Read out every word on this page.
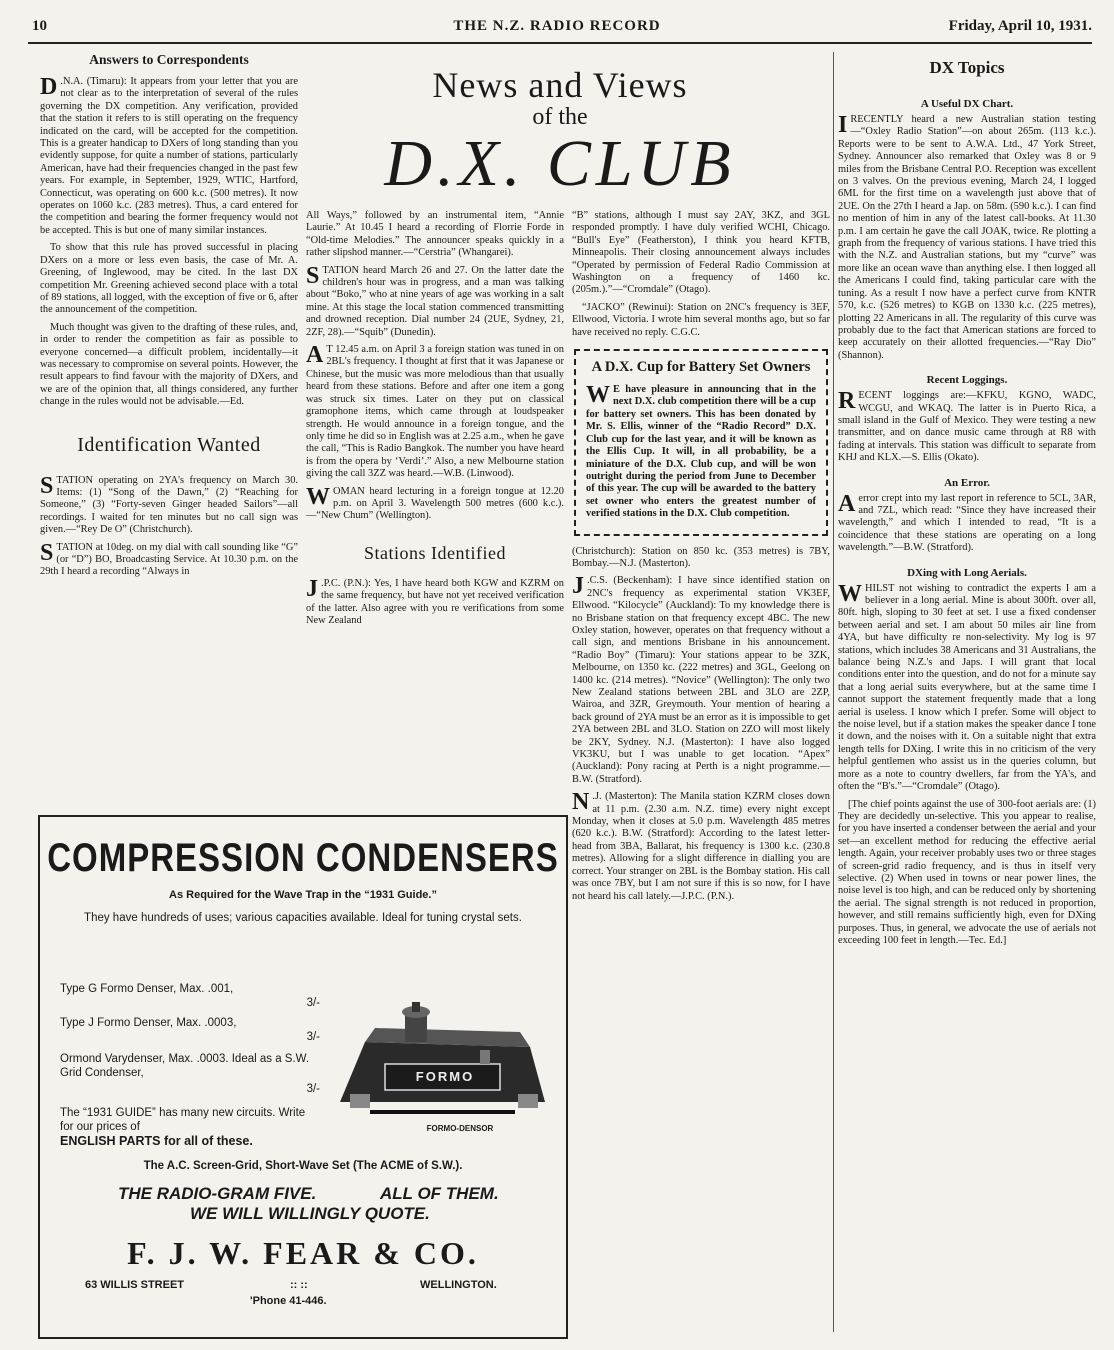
10	THE N.Z. RADIO RECORD	Friday, April 10, 1931.
Answers to Correspondents

D .N.A. (Timaru): It appears from your letter that you are not clear as to the interpretation of several of the rules governing the DX competition. Any verification, provided that the station it refers to is still operating on the frequency indicated on the card, will be accepted for the competition. This is a greater handicap to DXers of long standing than you evidently suppose, for quite a number of stations, particularly American, have had their frequencies changed in the past few years. For example, in September, 1929, WTIC, Hartford, Connecticut, was operating on 600 k.c. (500 metres). It now operates on 1060 k.c. (283 metres). Thus, a card entered for the competition and bearing the former frequency would not be accepted. This is but one of many similar instances.

To show that this rule has proved successful in placing DXers on a more or less even basis, the case of Mr. A. Greening, of Inglewood, may be cited. In the last DX competition Mr. Greening achieved second place with a total of 89 stations, all logged, with the exception of five or 6, after the announcement of the competition.

Much thought was given to the drafting of these rules, and, in order to render the competition as fair as possible to everyone concerned—a difficult problem, incidentally—it was necessary to compromise on several points. However, the result appears to find favour with the majority of DXers, and we are of the opinion that, all things considered, any further change in the rules would not be advisable.—Ed.

Identification Wanted

STATION operating on 2YA's frequency on March 30. Items: (1) “Song of the Dawn,” (2) “Reaching for Someone,” (3) “Forty-seven Ginger headed Sailors”—all recordings. I waited for ten minutes but no call sign was given.—“Rey De O” (Christchurch).

STATION at 10deg. on my dial with call sounding like “G” (or “D”) BO, Broadcasting Service. At 10.30 p.m. on the 29th I heard a recording “Always in

News and Views
of the
D.X. CLUB

All Ways,” followed by an instrumental item, “Annie Laurie.” At 10.45 I heard a recording of Florrie Forde in “Old-time Melodies.” The announcer speaks quickly in a rather slipshod manner.—“Cerstria” (Whangarei).

STATION heard March 26 and 27. On the latter date the children's hour was in progress, and a man was talking about “Boko,” who at nine years of age was working in a salt mine. At this stage the local station commenced transmitting and drowned reception. Dial number 24 (2UE, Sydney, 21, 2ZF, 28).—“Squib” (Dunedin).

A T 12.45 a.m. on April 3 a foreign station was tuned in on 2BL's frequency. I thought at first that it was Japanese or Chinese, but the music was more melodious than that usually heard from these stations. Before and after one item a gong was struck six times. Later on they put on classical gramophone items, which came through at loudspeaker strength. He would announce in a foreign tongue, and the only time he did so in English was at 2.25 a.m., when he gave the call, “This is Radio Bangkok. The number you have heard is from the opera by ‘Verdi’.” Also, a new Melbourne station giving the call 3ZZ was heard.—W.B. (Linwood).

WOMAN heard lecturing in a foreign tongue at 12.20 p.m. on April 3. Wavelength 500 metres (600 k.c.).—“New Chum” (Wellington).

Stations Identified

J .P.C. (P.N.): Yes, I have heard both KGW and KZRM on the same frequency, but have not yet received verification of the latter. Also agree with you re verifications from some New Zealand

“B” stations, although I must say 2AY, 3KZ, and 3GL responded promptly. I have duly verified WCHI, Chicago. “Bull's Eye” (Featherston), I think you heard KFTB, Minneapolis. Their closing announcement always includes “Operated by permission of Federal Radio Commission at Washington on a frequency of 1460 kc. (205m.).”—“Cromdale” (Otago).

“JACKO” (Rewinui): Station on 2NC's frequency is 3EF, Ellwood, Victoria. I wrote him several months ago, but so far have received no reply. C.G.C.

A D.X. Cup for Battery Set Owners

W E have pleasure in announcing that in the next D.X. club competition there will be a cup for battery set owners. This has been donated by Mr. S. Ellis, winner of the “Radio Record” D.X. Club cup for the last year, and it will be known as the Ellis Cup. It will, in all probability, be a miniature of the D.X. Club cup, and will be won outright during the period from June to December of this year. The cup will be awarded to the battery set owner who enters the greatest number of verified stations in the D.X. Club competition.

(Christchurch): Station on 850 kc. (353 metres) is 7BY, Bombay.—N.J. (Masterton).

J .C.S. (Beckenham): I have since identified station on 2NC's frequency as experimental station VK3EF, Ellwood. “Kilocycle” (Auckland): To my knowledge there is no Brisbane station on that frequency except 4BC. The new Oxley station, however, operates on that frequency without a call sign, and mentions Brisbane in his announcement. “Radio Boy” (Timaru): Your stations appear to be 3ZK, Melbourne, on 1350 kc. (222 metres) and 3GL, Geelong on 1400 kc. (214 metres). “Novice” (Wellington): The only two New Zealand stations between 2BL and 3LO are 2ZP, Wairoa, and 3ZR, Greymouth. Your mention of hearing a back ground of 2YA must be an error as it is impossible to get 2YA between 2BL and 3LO. Station on 2ZO will most likely be 2KY, Sydney. N.J. (Masterton): I have also logged VK3KU, but I was unable to get location. “Apex” (Auckland): Pony racing at Perth is a night programme.—B.W. (Stratford).

N .J. (Masterton): The Manila station KZRM closes down at 11 p.m. (2.30 a.m. N.Z. time) every night except Monday, when it closes at 5.0 p.m. Wavelength 485 metres (620 k.c.). B.W. (Stratford): According to the latest letter-head from 3BA, Ballarat, his frequency is 1300 k.c. (230.8 metres). Allowing for a slight difference in dialling you are correct. Your stranger on 2BL is the Bombay station. His call was once 7BY, but I am not sure if this is so now, for I have not heard his call lately.—J.P.C. (P.N.).

DX Topics
A Useful DX Chart.

IRECENTLY heard a new Australian station testing—“Oxley Radio Station”—on about 265m. (113 k.c.). Reports were to be sent to A.W.A. Ltd., 47 York Street, Sydney. Announcer also remarked that Oxley was 8 or 9 miles from the Brisbane Central P.O. Reception was excellent on 3 valves. On the previous evening, March 24, I logged 6ML for the first time on a wavelength just above that of 2UE. On the 27th I heard a Jap. on 58m. (590 k.c.). I can find no mention of him in any of the latest call-books. At 11.30 p.m. I am certain he gave the call JOAK, twice. Re plotting a graph from the frequency of various stations. I have tried this with the N.Z. and Australian stations, but my “curve” was more like an ocean wave than anything else. I then logged all the Americans I could find, taking particular care with the tuning. As a result I now have a perfect curve from KNTR 570, k.c. (526 metres) to KGB on 1330 k.c. (225 metres), plotting 22 Americans in all. The regularity of this curve was probably due to the fact that American stations are forced to keep accurately on their allotted frequencies.—“Ray Dio” (Shannon).

Recent Loggings.

RECENT loggings are:—KFKU, KGNO, WADC, WCGU, and WKAQ. The latter is in Puerto Rica, a small island in the Gulf of Mexico. They were testing a new transmitter, and on dance music came through at R8 with fading at intervals. This station was difficult to separate from KHJ and KLX.—S. Ellis (Okato).

An Error.

Aerror crept into my last report in reference to 5CL, 3AR, and 7ZL, which read: “Since they have increased their wavelength,” and which I intended to read, “It is a coincidence that these stations are operating on a long wavelength.”—B.W. (Stratford).

DXing with Long Aerials.

WHILST not wishing to contradict the experts I am a believer in a long aerial. Mine is about 300ft. over all, 80ft. high, sloping to 30 feet at set. I use a fixed condenser between aerial and set. I am about 50 miles air line from 4YA, but have difficulty re non-selectivity. My log is 97 stations, which includes 38 Americans and 31 Australians, the balance being N.Z.'s and Japs. I will grant that local conditions enter into the question, and do not for a minute say that a long aerial suits everywhere, but at the same time I cannot support the statement frequently made that a long aerial is useless. I know which I prefer. Some will object to the noise level, but if a station makes the speaker dance I tone it down, and the noises with it. On a suitable night that extra length tells for DXing. I write this in no criticism of the very helpful gentlemen who assist us in the queries column, but more as a note to country dwellers, far from the YA's, and often the “B's.”—“Cromdale” (Otago).

[The chief points against the use of 300-foot aerials are: (1) They are decidedly un-selective. This you appear to realise, for you have inserted a condenser between the aerial and your set—an excellent method for reducing the effective aerial length. Again, your receiver probably uses two or three stages of screen-grid radio frequency, and is thus in itself very selective. (2) When used in towns or near power lines, the noise level is too high, and can be reduced only by shortening the aerial. The signal strength is not reduced in proportion, however, and still remains sufficiently high, even for DXing purposes. Thus, in general, we advocate the use of aerials not exceeding 100 feet in length.—Tec. Ed.]

COMPRESSION CONDENSERS
As Required for the Wave Trap in the “1931 Guide.”
They have hundreds of uses; various capacities available. Ideal for tuning crystal sets.
Type G Formo Denser, Max. .001,
3/-
Type J Formo Denser, Max. .0003,
3/-
Ormond Varydenser, Max. .0003. Ideal as a S.W. Grid Condenser,
3/-
The “1931 GUIDE” has many new circuits. Write for our prices of
ENGLISH PARTS for all of these.
FORMO
FORMO-DENSOR
The A.C. Screen-Grid, Short-Wave Set (The ACME of S.W.).
THE RADIO-GRAM FIVE.	ALL OF THEM.
WE WILL WILLINGLY QUOTE.
F. J. W. FEAR & CO.
63 WILLIS STREET	:: ::	WELLINGTON.
'Phone 41-446.
